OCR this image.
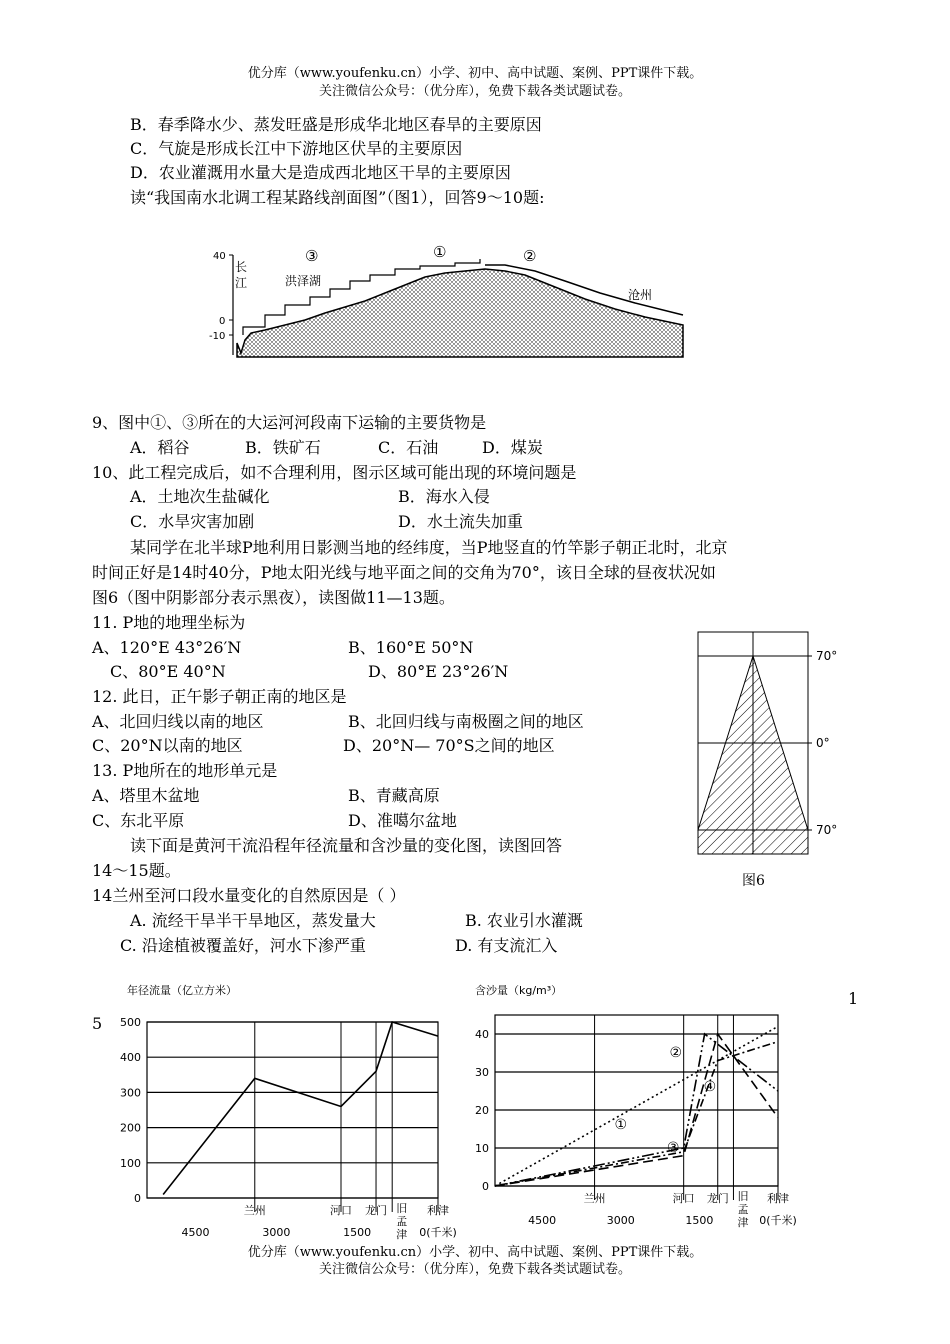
优分库（www.youfenku.cn）小学、初中、高中试题、案例、PPT课件下载。
关注微信公众号：（优分库），免费下载各类试题试卷。
B．春季降水少、蒸发旺盛是形成华北地区春旱的主要原因
C．气旋是形成长江中下游地区伏旱的主要原因
D．农业灌溉用水量大是造成西北地区干旱的主要原因
读“我国南水北调工程某路线剖面图”（图1），回答9～10题:
40
0
-10
长
江	洪泽湖
③	①	②
沧州
9、图中①、③所在的大运河河段南下运输的主要货物是
A．稻谷	B．铁矿石	C．石油	D．煤炭
10、此工程完成后，如不合理利用，图示区域可能出现的环境问题是
A．土地次生盐碱化	B．海水入侵
C．水旱灾害加剧	D．水土流失加重
某同学在北半球P地利用日影测当地的经纬度，当P地竖直的竹竿影子朝正北时，北京
时间正好是14时40分，P地太阳光线与地平面之间的交角为70°，该日全球的昼夜状况如
图6（图中阴影部分表示黑夜），读图做11—13题。
11. P地的地理坐标为
A、120°E 43°26′N	B、160°E 50°N
C、80°E 40°N	D、80°E 23°26′N
12. 此日，正午影子朝正南的地区是
A、北回归线以南的地区	B、北回归线与南极圈之间的地区
C、20°N以南的地区	D、20°N— 70°S之间的地区
13. P地所在的地形单元是
A、塔里木盆地	B、青藏高原
C、东北平原	D、准噶尔盆地
读下面是黄河干流沿程年径流量和含沙量的变化图，读图回答
14～15题。
70°
0°
70°
图6
14兰州至河口段水量变化的自然原因是（ ）
A. 流经干旱半干旱地区，蒸发量大	B. 农业引水灌溉
C. 沿途植被覆盖好，河水下渗严重	D. 有支流汇入
5
1
年径流量（亿立方米）
0
100
200
300
400
500
兰州	河口 龙门 旧
孟
津
利津
4500	3000	1500	0(千米)
含沙量（kg/m³）
0
10
20
30
40
兰州	河口 龙门 旧
孟
津
利津
4500	3000	1500	0(千米)
①
②
③
④
优分库（www.youfenku.cn）小学、初中、高中试题、案例、PPT课件下载。
关注微信公众号：（优分库），免费下载各类试题试卷。
